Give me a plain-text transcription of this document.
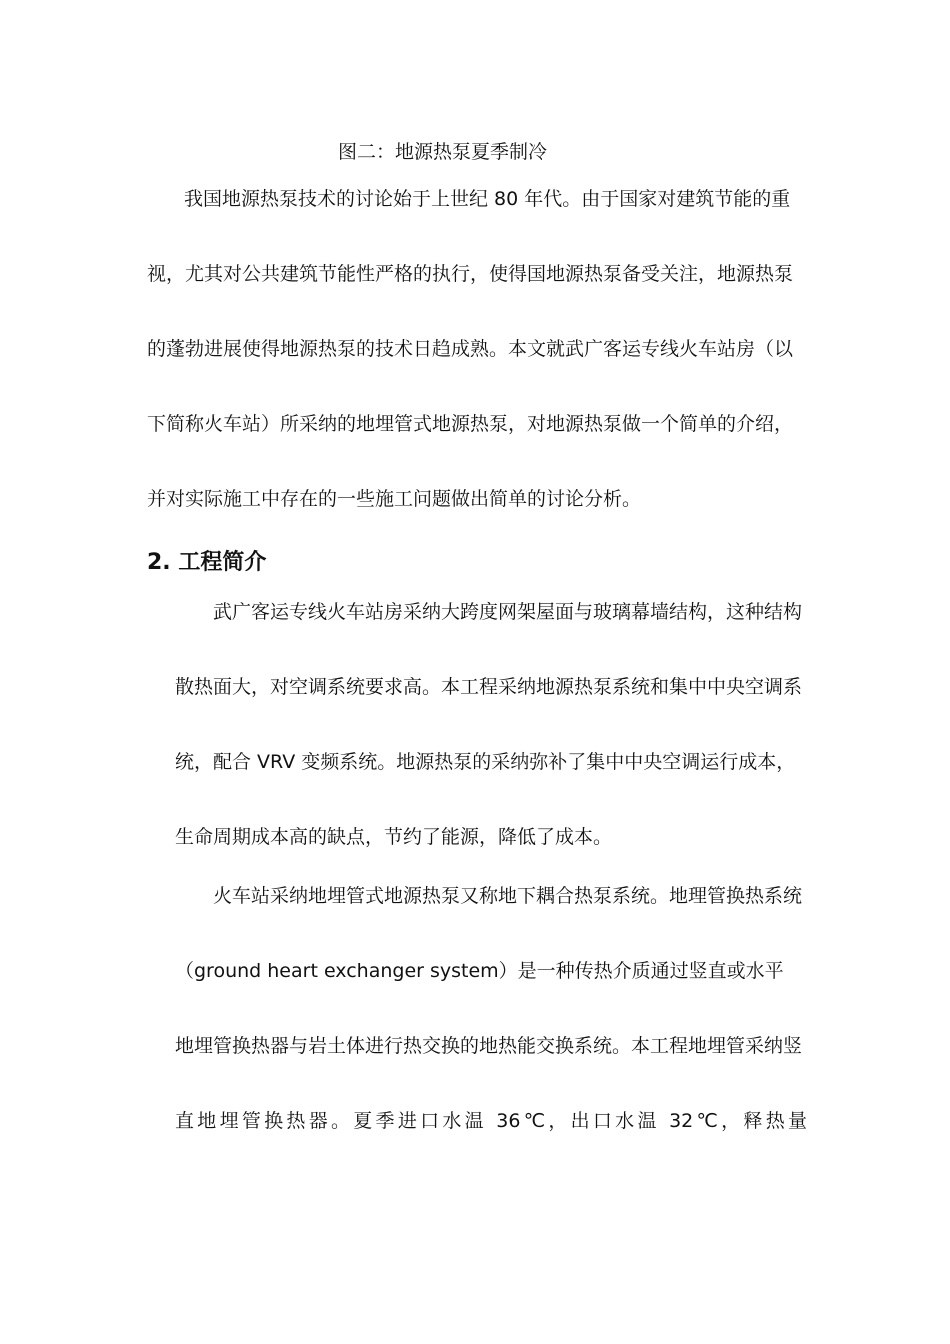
图二：地源热泵夏季制冷

我国地源热泵技术的讨论始于上世纪 80 年代。由于国家对建筑节能的重

视，尤其对公共建筑节能性严格的执行，使得国地源热泵备受关注，地源热泵

的蓬勃进展使得地源热泵的技术日趋成熟。本文就武广客运专线火车站房（以

下简称火车站）所采纳的地埋管式地源热泵，对地源热泵做一个简单的介绍，

并对实际施工中存在的一些施工问题做出简单的讨论分析。

2. 工程简介

武广客运专线火车站房采纳大跨度网架屋面与玻璃幕墙结构，这种结构

散热面大，对空调系统要求高。本工程采纳地源热泵系统和集中中央空调系

统，配合 VRV 变频系统。地源热泵的采纳弥补了集中中央空调运行成本，

生命周期成本高的缺点，节约了能源，降低了成本。

火车站采纳地埋管式地源热泵又称地下耦合热泵系统。地理管换热系统

（ground heart exchanger system）是一种传热介质通过竖直或水平

地埋管换热器与岩土体进行热交换的地热能交换系统。本工程地埋管采纳竖

直地埋管换热器。夏季进口水温 36℃，出口水温 32℃，释热量
